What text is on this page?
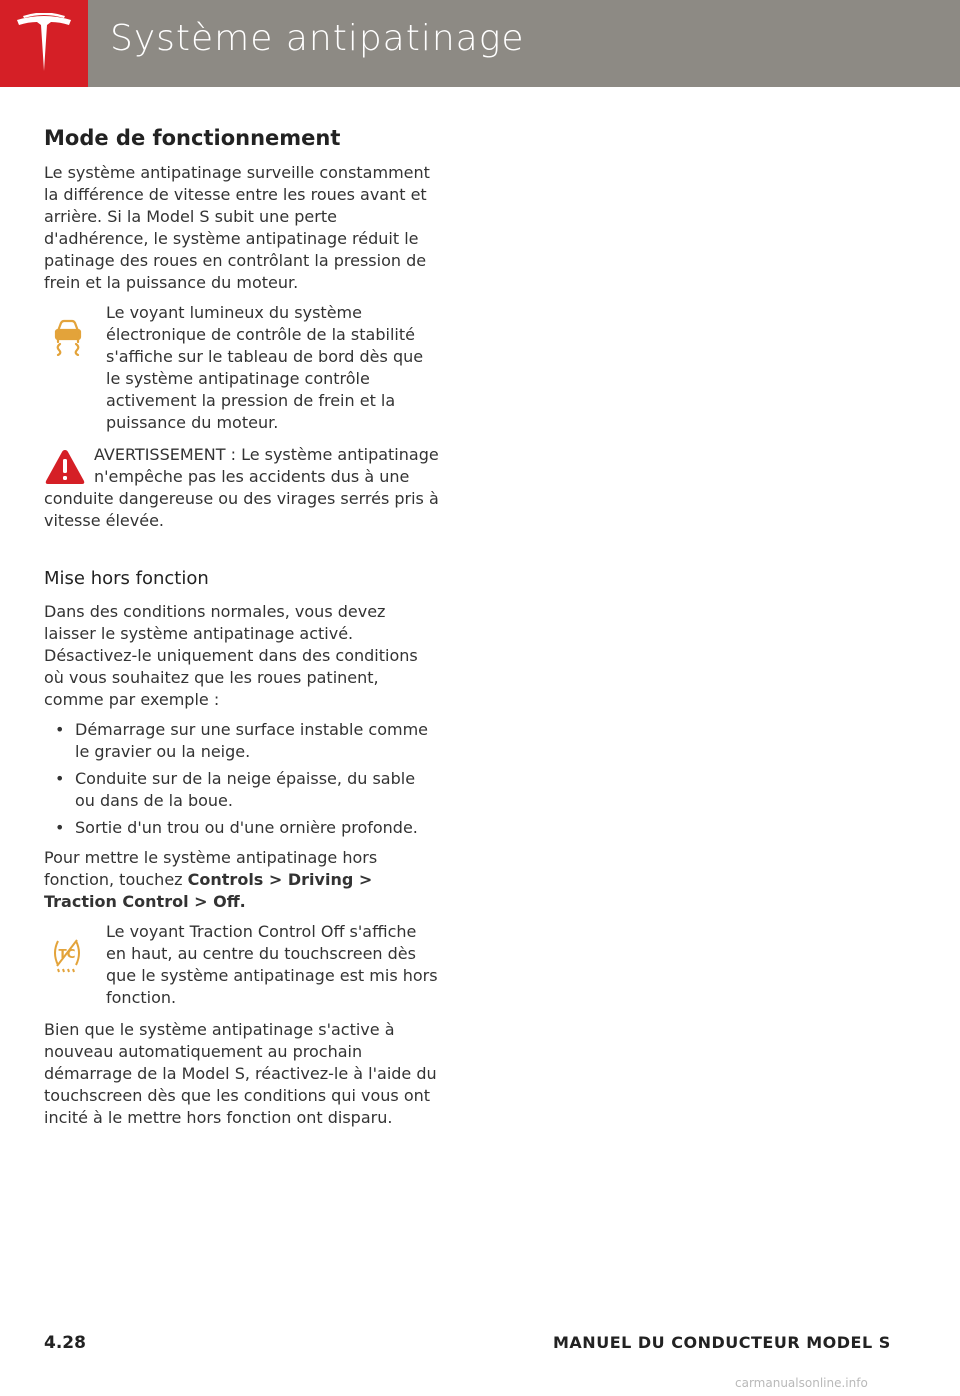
Système antipatinage
Mode de fonctionnement

Le système antipatinage surveille constamment la différence de vitesse entre les roues avant et arrière. Si la Model S subit une perte d'adhérence, le système antipatinage réduit le patinage des roues en contrôlant la pression de frein et la puissance du moteur.

Le voyant lumineux du système électronique de contrôle de la stabilité s'affiche sur le tableau de bord dès que le système antipatinage contrôle activement la pression de frein et la puissance du moteur.
AVERTISSEMENT : Le système antipatinage n'empêche pas les accidents dus à une conduite dangereuse ou des virages serrés pris à vitesse élevée.
Mise hors fonction

Dans des conditions normales, vous devez laisser le système antipatinage activé. Désactivez-le uniquement dans des conditions où vous souhaitez que les roues patinent, comme par exemple :

• Démarrage sur une surface instable comme le gravier ou la neige.
• Conduite sur de la neige épaisse, du sable ou dans de la boue.
• Sortie d'un trou ou d'une ornière profonde.

Pour mettre le système antipatinage hors fonction, touchez Controls > Driving > Traction Control > Off.

TC
Le voyant Traction Control Off s'affiche en haut, au centre du touchscreen dès que le système antipatinage est mis hors fonction.

Bien que le système antipatinage s'active à nouveau automatiquement au prochain démarrage de la Model S, réactivez-le à l'aide du touchscreen dès que les conditions qui vous ont incité à le mettre hors fonction ont disparu.

4.28	MANUEL DU CONDUCTEUR MODEL S
carmanualsonline.info
